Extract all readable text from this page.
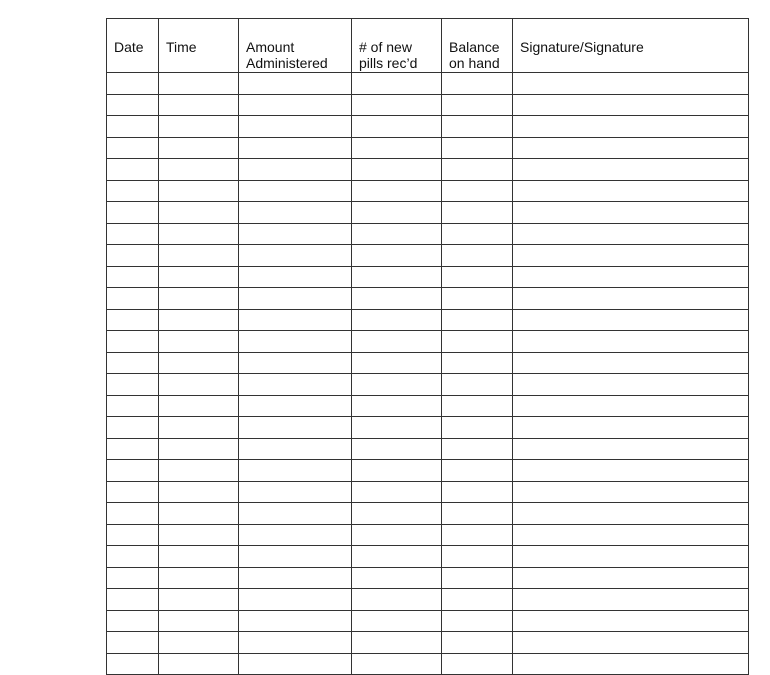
Date	Time	Amount Administered	# of new pills rec’d	Balance on hand	Signature/Signature
